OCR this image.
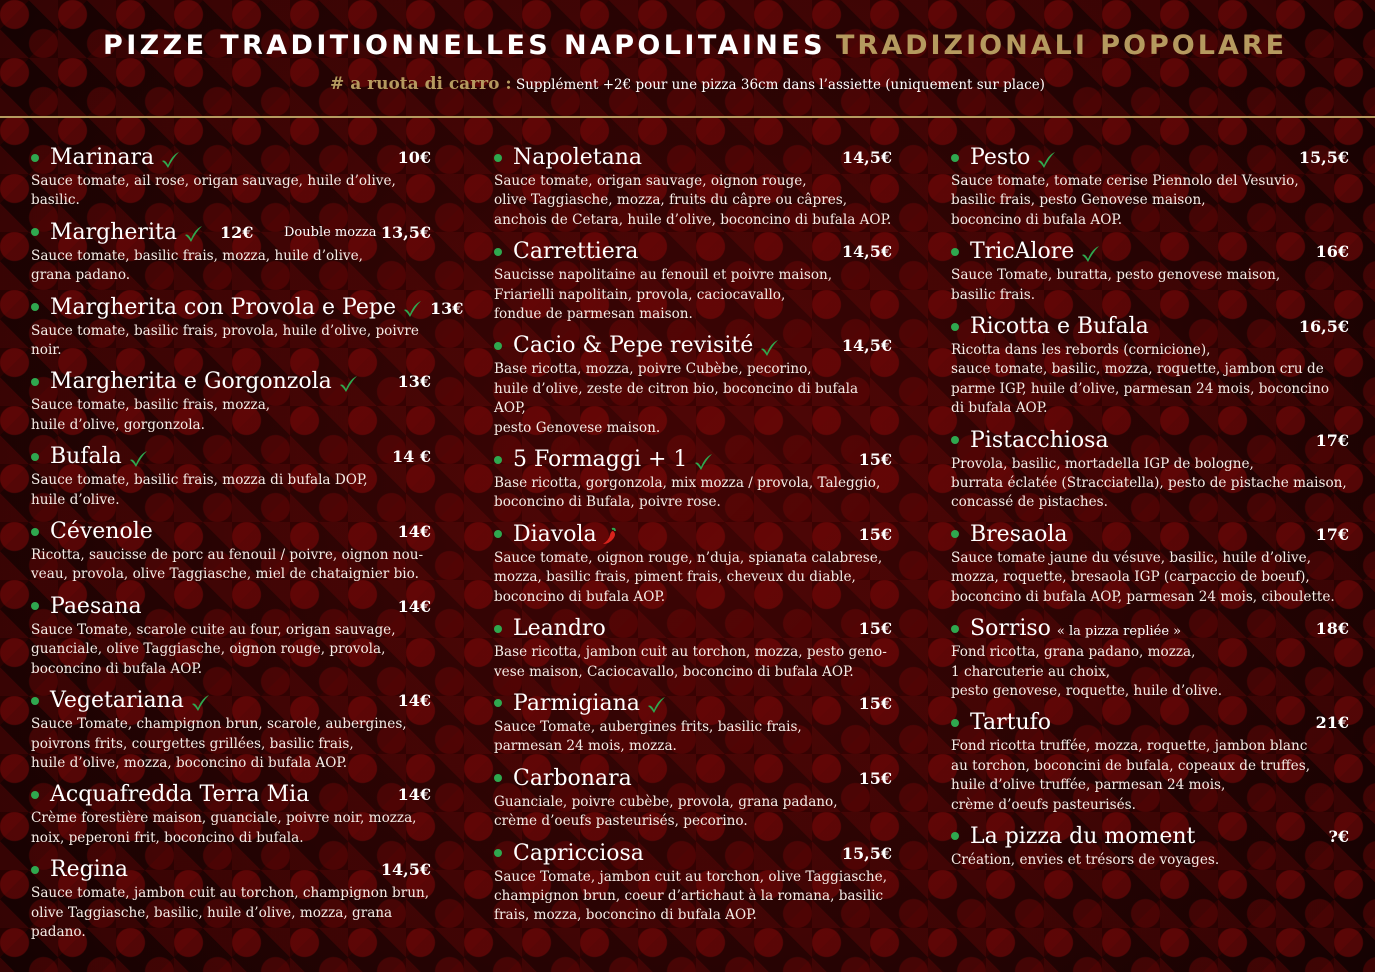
PIZZE TRADITIONNELLES NAPOLITAINES TRADIZIONALI POPOLARE
# a ruota di carro : Supplément +2€ pour une pizza 36cm dans l’assiette (uniquement sur place)
Marinara	10€
Sauce tomate, ail rose, origan sauvage, huile d’olive, basilic.
Margherita	12€ Double mozza 13,5€
Sauce tomate, basilic frais, mozza, huile d’olive,
grana padano.
Margherita con Provola e Pepe 13€
Sauce tomate, basilic frais, provola, huile d’olive, poivre noir.
Margherita e Gorgonzola	13€
Sauce tomate, basilic frais, mozza,
huile d’olive, gorgonzola.
Bufala	14 €
Sauce tomate, basilic frais, mozza di bufala DOP,
huile d’olive.
Cévenole	14€
Ricotta, saucisse de porc au fenouil / poivre, oignon nou-
veau, provola, olive Taggiasche, miel de chataignier bio.
Paesana	14€
Sauce Tomate, scarole cuite au four, origan sauvage,
guanciale, olive Taggiasche, oignon rouge, provola,
boconcino di bufala AOP.
Vegetariana	14€
Sauce Tomate, champignon brun, scarole, aubergines,
poivrons frits, courgettes grillées, basilic frais,
huile d’olive, mozza, boconcino di bufala AOP.
Acquafredda Terra Mia	14€
Crème forestière maison, guanciale, poivre noir, mozza,
noix, peperoni frit, boconcino di bufala.
Regina	14,5€
Sauce tomate, jambon cuit au torchon, champignon brun,
olive Taggiasche, basilic, huile d’olive, mozza, grana padano.
Napoletana	14,5€
Sauce tomate, origan sauvage, oignon rouge,
olive Taggiasche, mozza, fruits du câpre ou câpres,
anchois de Cetara, huile d’olive, boconcino di bufala AOP.
Carrettiera	14,5€
Saucisse napolitaine au fenouil et poivre maison,
Friarielli napolitain, provola, caciocavallo,
fondue de parmesan maison.
Cacio & Pepe revisité	14,5€
Base ricotta, mozza, poivre Cubèbe, pecorino,
huile d’olive, zeste de citron bio, boconcino di bufala AOP,
pesto Genovese maison.
5 Formaggi + 1	15€
Base ricotta, gorgonzola, mix mozza / provola, Taleggio,
boconcino di Bufala, poivre rose.
Diavola	15€
Sauce tomate, oignon rouge, n’duja, spianata calabrese,
mozza, basilic frais, piment frais, cheveux du diable,
boconcino di bufala AOP.
Leandro	15€
Base ricotta, jambon cuit au torchon, mozza, pesto geno-
vese maison, Caciocavallo, boconcino di bufala AOP.
Parmigiana	15€
Sauce Tomate, aubergines frits, basilic frais,
parmesan 24 mois, mozza.
Carbonara	15€
Guanciale, poivre cubèbe, provola, grana padano,
crème d’oeufs pasteurisés, pecorino.
Capricciosa	15,5€
Sauce Tomate, jambon cuit au torchon, olive Taggiasche,
champignon brun, coeur d’artichaut à la romana, basilic
frais, mozza, boconcino di bufala AOP.
Pesto	15,5€
Sauce tomate, tomate cerise Piennolo del Vesuvio,
basilic frais, pesto Genovese maison,
boconcino di bufala AOP.
TricAlore	16€
Sauce Tomate, buratta, pesto genovese maison,
basilic frais.
Ricotta e Bufala	16,5€
Ricotta dans les rebords (cornicione),
sauce tomate, basilic, mozza, roquette, jambon cru de
parme IGP, huile d’olive, parmesan 24 mois, boconcino
di bufala AOP.
Pistacchiosa	17€
Provola, basilic, mortadella IGP de bologne,
burrata éclatée (Stracciatella), pesto de pistache maison,
concassé de pistaches.
Bresaola	17€
Sauce tomate jaune du vésuve, basilic, huile d’olive,
mozza, roquette, bresaola IGP (carpaccio de boeuf),
boconcino di bufala AOP, parmesan 24 mois, ciboulette.
Sorriso « la pizza repliée »	18€
Fond ricotta, grana padano, mozza,
1 charcuterie au choix,
pesto genovese, roquette, huile d’olive.
Tartufo	21€
Fond ricotta truffée, mozza, roquette, jambon blanc
au torchon, boconcini de bufala, copeaux de truffes,
huile d’olive truffée, parmesan 24 mois,
crème d’oeufs pasteurisés.
La pizza du moment	?€
Création, envies et trésors de voyages.
